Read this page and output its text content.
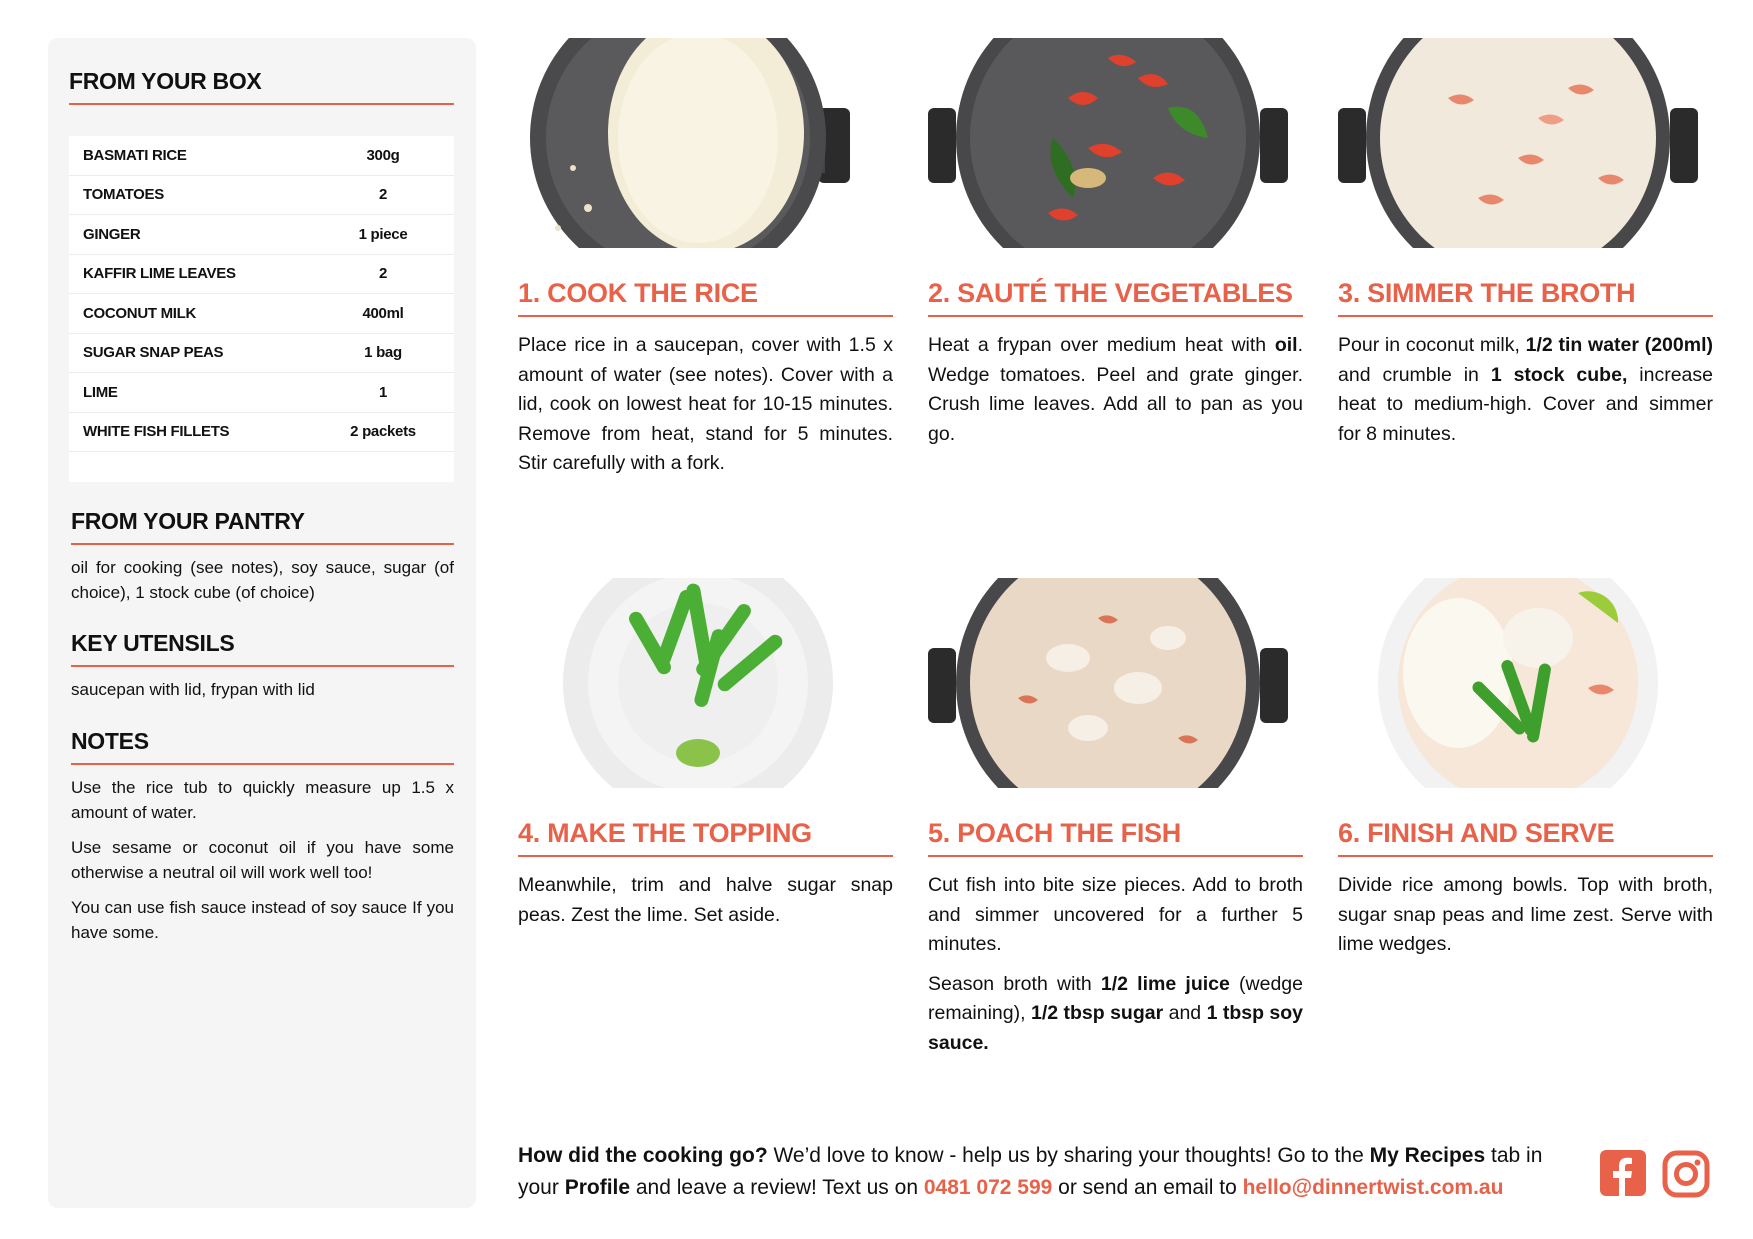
FROM YOUR BOX
BASMATI RICE	300g
TOMATOES	2
GINGER	1 piece
KAFFIR LIME LEAVES	2
COCONUT MILK	400ml
SUGAR SNAP PEAS	1 bag
LIME	1
WHITE FISH FILLETS	2 packets
FROM YOUR PANTRY
oil for cooking (see notes), soy sauce, sugar (of choice), 1 stock cube (of choice)
KEY UTENSILS
saucepan with lid, frypan with lid
NOTES

Use the rice tub to quickly measure up 1.5 x amount of water.

Use sesame or coconut oil if you have some otherwise a neutral oil will work well too!

You can use fish sauce instead of soy sauce If you have some.

1. COOK THE RICE

Place rice in a saucepan, cover with 1.5 x amount of water (see notes). Cover with a lid, cook on lowest heat for 10-15 minutes. Remove from heat, stand for 5 minutes. Stir carefully with a fork.

2. SAUTÉ THE VEGETABLES

Heat a frypan over medium heat with oil. Wedge tomatoes. Peel and grate ginger. Crush lime leaves. Add all to pan as you go.

3. SIMMER THE BROTH

Pour in coconut milk, 1/2 tin water (200ml) and crumble in 1 stock cube, increase heat to medium-high. Cover and simmer for 8 minutes.

4. MAKE THE TOPPING

Meanwhile, trim and halve sugar snap peas. Zest the lime. Set aside.

5. POACH THE FISH

Cut fish into bite size pieces. Add to broth and simmer uncovered for a further 5 minutes.

Season broth with 1/2 lime juice (wedge remaining), 1/2 tbsp sugar and 1 tbsp soy sauce.

6. FINISH AND SERVE

Divide rice among bowls. Top with broth, sugar snap peas and lime zest. Serve with lime wedges.

How did the cooking go? We’d love to know - help us by sharing your thoughts! Go to the My Recipes tab in your Profile and leave a review! Text us on 0481 072 599 or send an email to hello@dinnertwist.com.au
